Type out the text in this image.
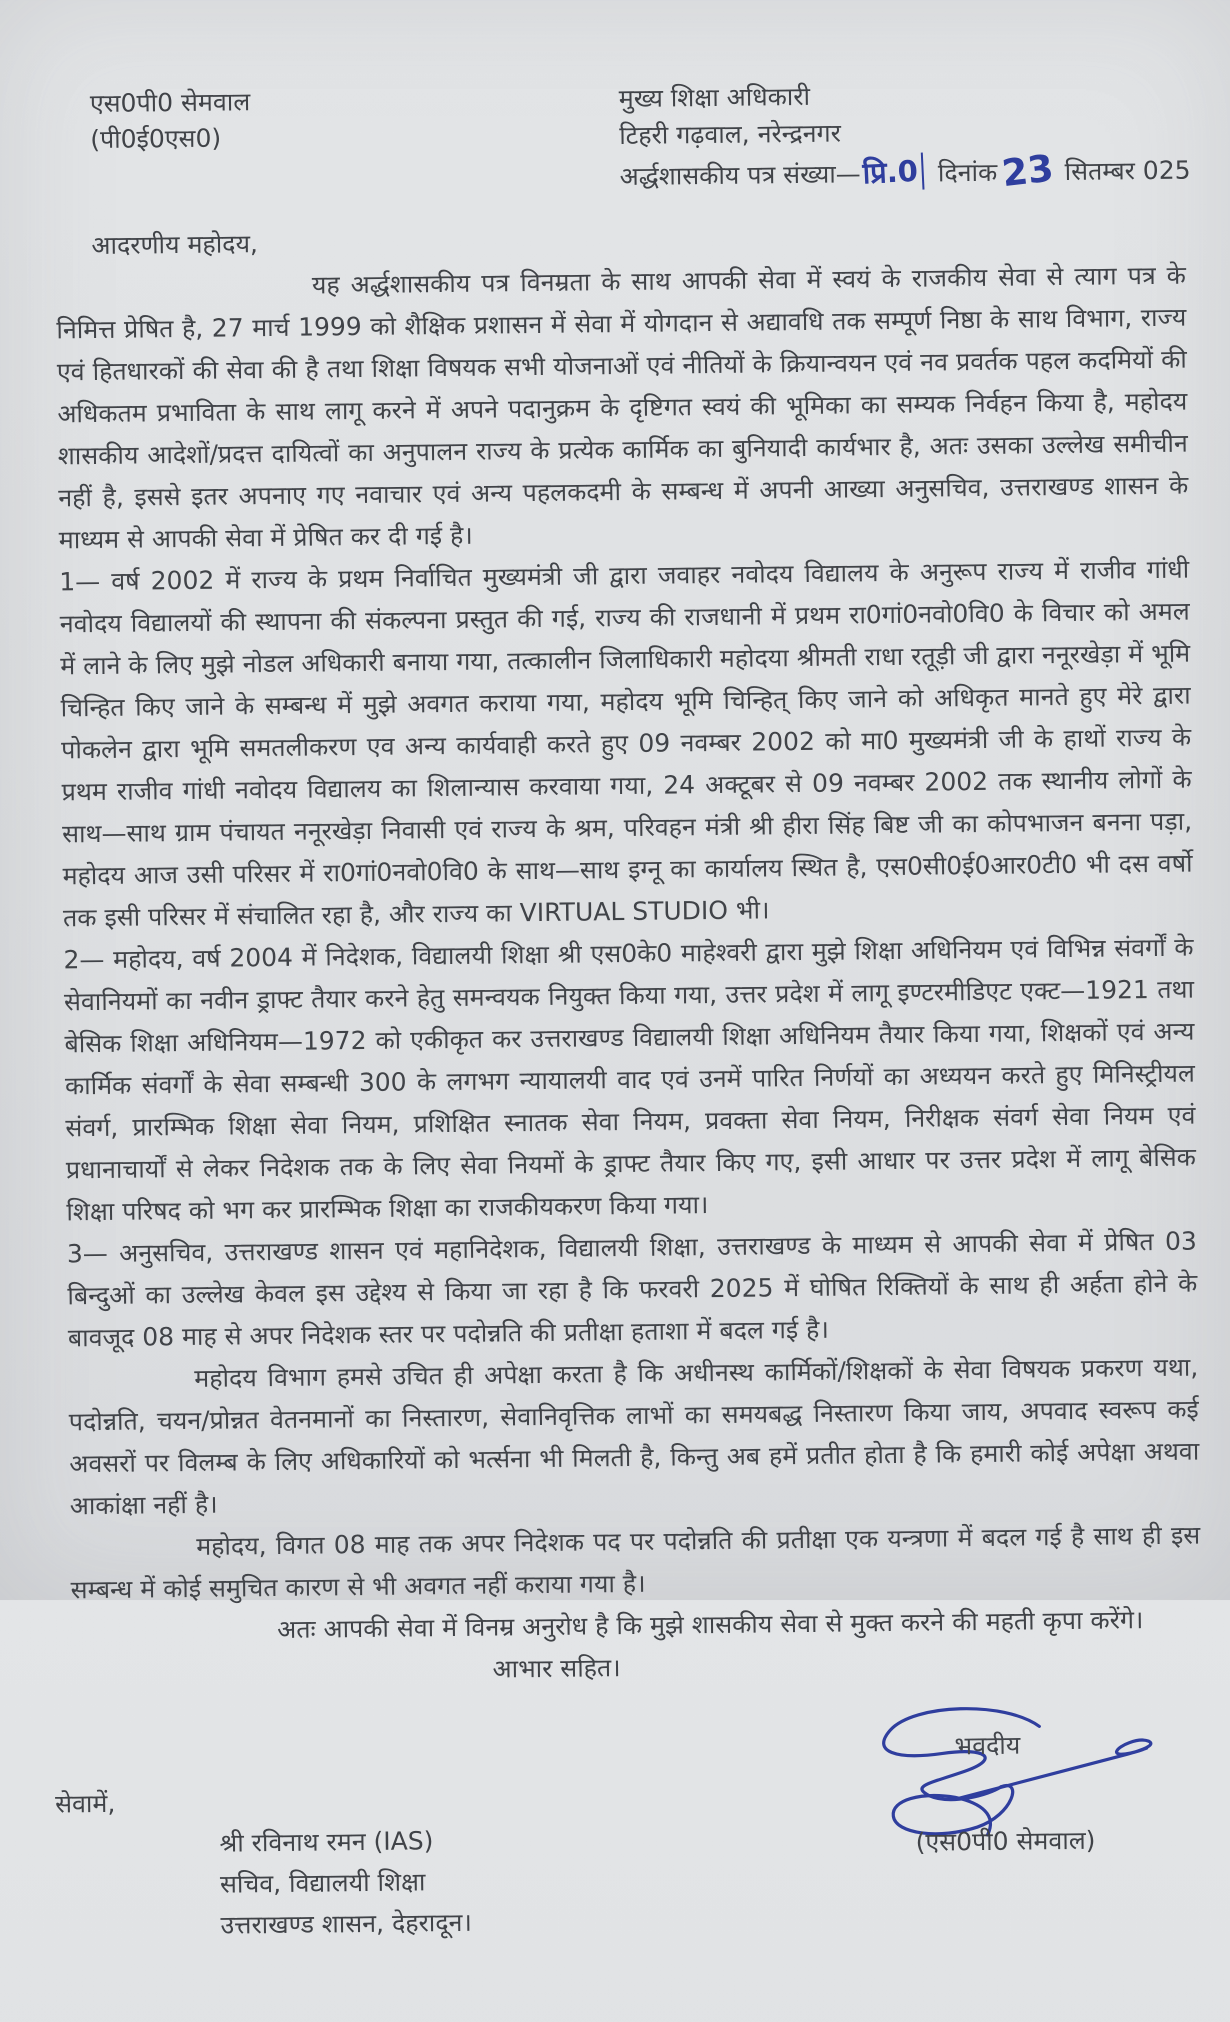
एस0पी0 सेमवाल
(पी0ई0एस0)
मुख्य शिक्षा अधिकारी
टिहरी गढ़वाल, नरेन्द्रनगर
अर्द्धशासकीय पत्र संख्या—प्रि.0 दिनांक23 सितम्बर 025
आदरणीय महोदय,

यह अर्द्धशासकीय पत्र विनम्रता के साथ आपकी सेवा में स्वयं के राजकीय सेवा से त्याग पत्र के निमित्त प्रेषित है, 27 मार्च 1999 को शैक्षिक प्रशासन में सेवा में योगदान से अद्यावधि तक सम्पूर्ण निष्ठा के साथ विभाग, राज्य एवं हितधारकों की सेवा की है तथा शिक्षा विषयक सभी योजनाओं एवं नीतियों के क्रियान्वयन एवं नव प्रवर्तक पहल कदमियों की अधिकतम प्रभाविता के साथ लागू करने में अपने पदानुक्रम के दृष्टिगत स्वयं की भूमिका का सम्यक निर्वहन किया है, महोदय शासकीय आदेशों/प्रदत्त दायित्वों का अनुपालन राज्य के प्रत्येक कार्मिक का बुनियादी कार्यभार है, अतः उसका उल्लेख समीचीन नहीं है, इससे इतर अपनाए गए नवाचार एवं अन्य पहलकदमी के सम्बन्ध में अपनी आख्या अनुसचिव, उत्तराखण्ड शासन के माध्यम से आपकी सेवा में प्रेषित कर दी गई है।

1— वर्ष 2002 में राज्य के प्रथम निर्वाचित मुख्यमंत्री जी द्वारा जवाहर नवोदय विद्यालय के अनुरूप राज्य में राजीव गांधी नवोदय विद्यालयों की स्थापना की संकल्पना प्रस्तुत की गई, राज्य की राजधानी में प्रथम रा0गां0नवो0वि0 के विचार को अमल में लाने के लिए मुझे नोडल अधिकारी बनाया गया, तत्कालीन जिलाधिकारी महोदया श्रीमती राधा रतूड़ी जी द्वारा ननूरखेड़ा में भूमि चिन्हित किए जाने के सम्बन्ध में मुझे अवगत कराया गया, महोदय भूमि चिन्हित् किए जाने को अधिकृत मानते हुए मेरे द्वारा पोकलेन द्वारा भूमि समतलीकरण एव अन्य कार्यवाही करते हुए 09 नवम्बर 2002 को मा0 मुख्यमंत्री जी के हाथों राज्य के प्रथम राजीव गांधी नवोदय विद्यालय का शिलान्यास करवाया गया, 24 अक्टूबर से 09 नवम्बर 2002 तक स्थानीय लोगों के साथ—साथ ग्राम पंचायत ननूरखेड़ा निवासी एवं राज्य के श्रम, परिवहन मंत्री श्री हीरा सिंह बिष्ट जी का कोपभाजन बनना पड़ा, महोदय आज उसी परिसर में रा0गां0नवो0वि0 के साथ—साथ इग्नू का कार्यालय स्थित है, एस0सी0ई0आर0टी0 भी दस वर्षो तक इसी परिसर में संचालित रहा है, और राज्य का VIRTUAL STUDIO भी।

2— महोदय, वर्ष 2004 में निदेशक, विद्यालयी शिक्षा श्री एस0के0 माहेश्वरी द्वारा मुझे शिक्षा अधिनियम एवं विभिन्न संवर्गों के सेवानियमों का नवीन ड्राफ्ट तैयार करने हेतु समन्वयक नियुक्त किया गया, उत्तर प्रदेश में लागू इण्टरमीडिएट एक्ट—1921 तथा बेसिक शिक्षा अधिनियम—1972 को एकीकृत कर उत्तराखण्ड विद्यालयी शिक्षा अधिनियम तैयार किया गया, शिक्षकों एवं अन्य कार्मिक संवर्गों के सेवा सम्बन्धी 300 के लगभग न्यायालयी वाद एवं उनमें पारित निर्णयों का अध्ययन करते हुए मिनिस्ट्रीयल संवर्ग, प्रारम्भिक शिक्षा सेवा नियम, प्रशिक्षित स्नातक सेवा नियम, प्रवक्ता सेवा नियम, निरीक्षक संवर्ग सेवा नियम एवं प्रधानाचार्यों से लेकर निदेशक तक के लिए सेवा नियमों के ड्राफ्ट तैयार किए गए, इसी आधार पर उत्तर प्रदेश में लागू बेसिक शिक्षा परिषद को भग कर प्रारम्भिक शिक्षा का राजकीयकरण किया गया।

3— अनुसचिव, उत्तराखण्ड शासन एवं महानिदेशक, विद्यालयी शिक्षा, उत्तराखण्ड के माध्यम से आपकी सेवा में प्रेषित 03 बिन्दुओं का उल्लेख केवल इस उद्देश्य से किया जा रहा है कि फरवरी 2025 में घोषित रिक्तियों के साथ ही अर्हता होने के बावजूद 08 माह से अपर निदेशक स्तर पर पदोन्नति की प्रतीक्षा हताशा में बदल गई है।

महोदय विभाग हमसे उचित ही अपेक्षा करता है कि अधीनस्थ कार्मिकों/शिक्षकों के सेवा विषयक प्रकरण यथा, पदोन्नति, चयन/प्रोन्नत वेतनमानों का निस्तारण, सेवानिवृत्तिक लाभों का समयबद्ध निस्तारण किया जाय, अपवाद स्वरूप कई अवसरों पर विलम्ब के लिए अधिकारियों को भर्त्सना भी मिलती है, किन्तु अब हमें प्रतीत होता है कि हमारी कोई अपेक्षा अथवा आकांक्षा नहीं है।

महोदय, विगत 08 माह तक अपर निदेशक पद पर पदोन्नति की प्रतीक्षा एक यन्त्रणा में बदल गई है साथ ही इस सम्बन्ध में कोई समुचित कारण से भी अवगत नहीं कराया गया है।

अतः आपकी सेवा में विनम्र अनुरोध है कि मुझे शासकीय सेवा से मुक्त करने की महती कृपा करेंगे।

आभार सहित।

भवदीय
(एस0पी0 सेमवाल)
सेवामें,
श्री रविनाथ रमन (IAS)
सचिव, विद्यालयी शिक्षा
उत्तराखण्ड शासन, देहरादून।
